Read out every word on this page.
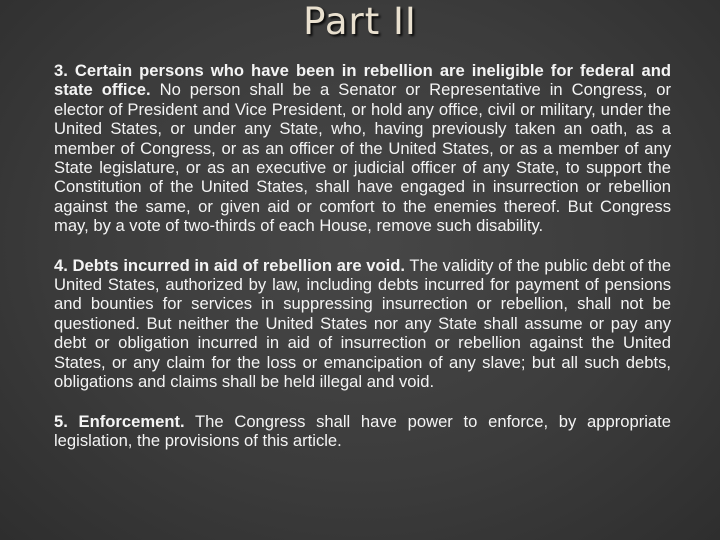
Part II

3. Certain persons who have been in rebellion are ineligible for federal and state office. No person shall be a Senator or Representative in Congress, or elector of President and Vice President, or hold any office, civil or military, under the United States, or under any State, who, having previously taken an oath, as a member of Congress, or as an officer of the United States, or as a member of any State legislature, or as an executive or judicial officer of any State, to support the Constitution of the United States, shall have engaged in insurrection or rebellion against the same, or given aid or comfort to the enemies thereof. But Congress may, by a vote of two-thirds of each House, remove such disability.

4. Debts incurred in aid of rebellion are void. The validity of the public debt of the United States, authorized by law, including debts incurred for payment of pensions and bounties for services in suppressing insurrection or rebellion, shall not be questioned. But neither the United States nor any State shall assume or pay any debt or obligation incurred in aid of insurrection or rebellion against the United States, or any claim for the loss or emancipation of any slave; but all such debts, obligations and claims shall be held illegal and void.

5. Enforcement. The Congress shall have power to enforce, by appropriate legislation, the provisions of this article.
